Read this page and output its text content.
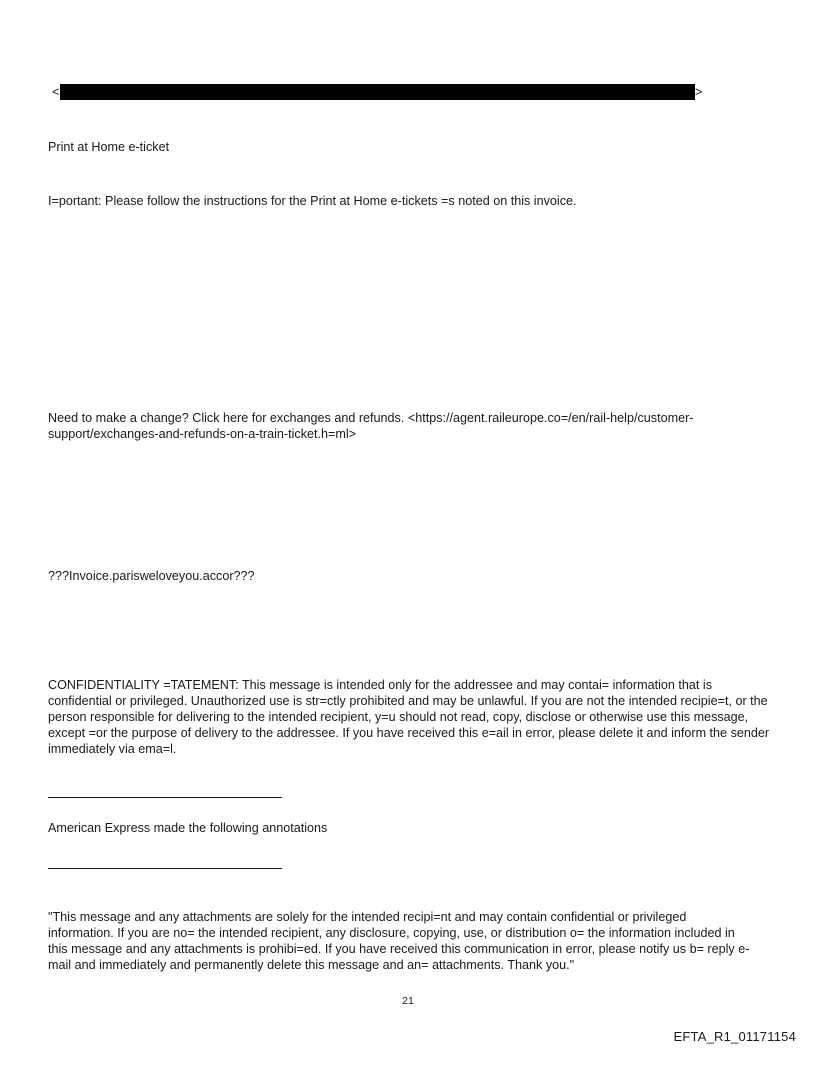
<	>

Print at Home e-ticket

I=portant: Please follow the instructions for the Print at Home e-tickets =s noted on this invoice.

Need to make a change? Click here for exchanges and refunds. <https://agent.raileurope.co=/en/rail-help/customer-support/exchanges-and-refunds-on-a-train-ticket.h=ml>

???Invoice.parisweloveyou.accor???

CONFIDENTIALITY =TATEMENT: This message is intended only for the addressee and may contai= information that is confidential or privileged. Unauthorized use is str=ctly prohibited and may be unlawful. If you are not the intended recipie=t, or the person responsible for delivering to the intended recipient, y=u should not read, copy, disclose or otherwise use this message, except =or the purpose of delivery to the addressee. If you have received this e=ail in error, please delete it and inform the sender immediately via ema=l.

American Express made the following annotations

"This message and any attachments are solely for the intended recipi=nt and may contain confidential or privileged information. If you are no= the intended recipient, any disclosure, copying, use, or distribution o= the information included in this message and any attachments is prohibi=ed. If you have received this communication in error, please notify us b= reply e-mail and immediately and permanently delete this message and an= attachments. Thank you."

21
EFTA_R1_01171154
